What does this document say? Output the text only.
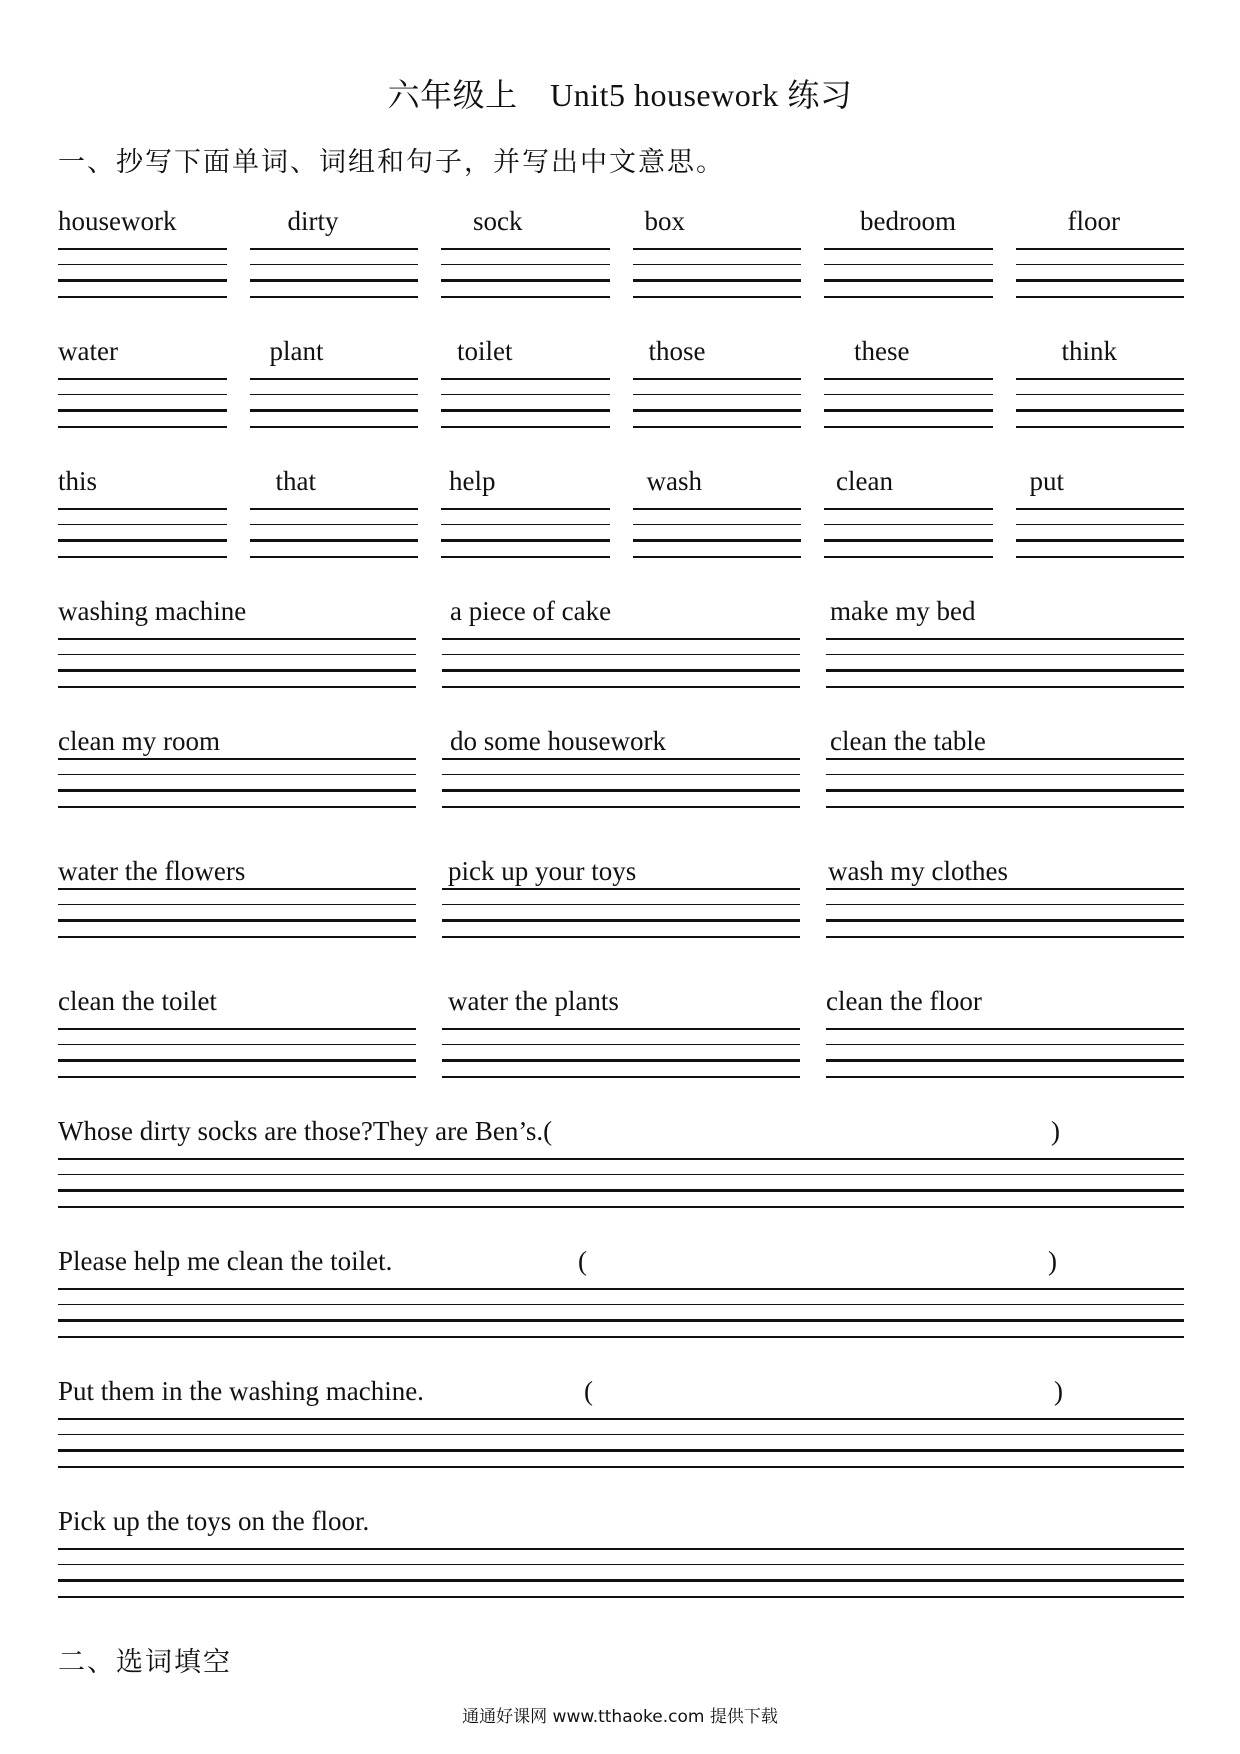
六年级上　Unit5 housework 练习
一、抄写下面单词、词组和句子，并写出中文意思。
housework	dirty	sock	box	bedroom	floor
water	plant	toilet	those	these	think
this	that	help	wash	clean	put
washing machine	a piece of cake	make my bed
clean my room	do some housework	clean the table
water the flowers	pick up your toys	wash my clothes
clean the toilet	water the plants	clean the floor
Whose dirty socks are those?They are Ben’s.(	)
Please help me clean the toilet.	(	)
Put them in the washing machine.	(	)
Pick up the toys on the floor.
二、选词填空
通通好课网 www.tthaoke.com 提供下载
